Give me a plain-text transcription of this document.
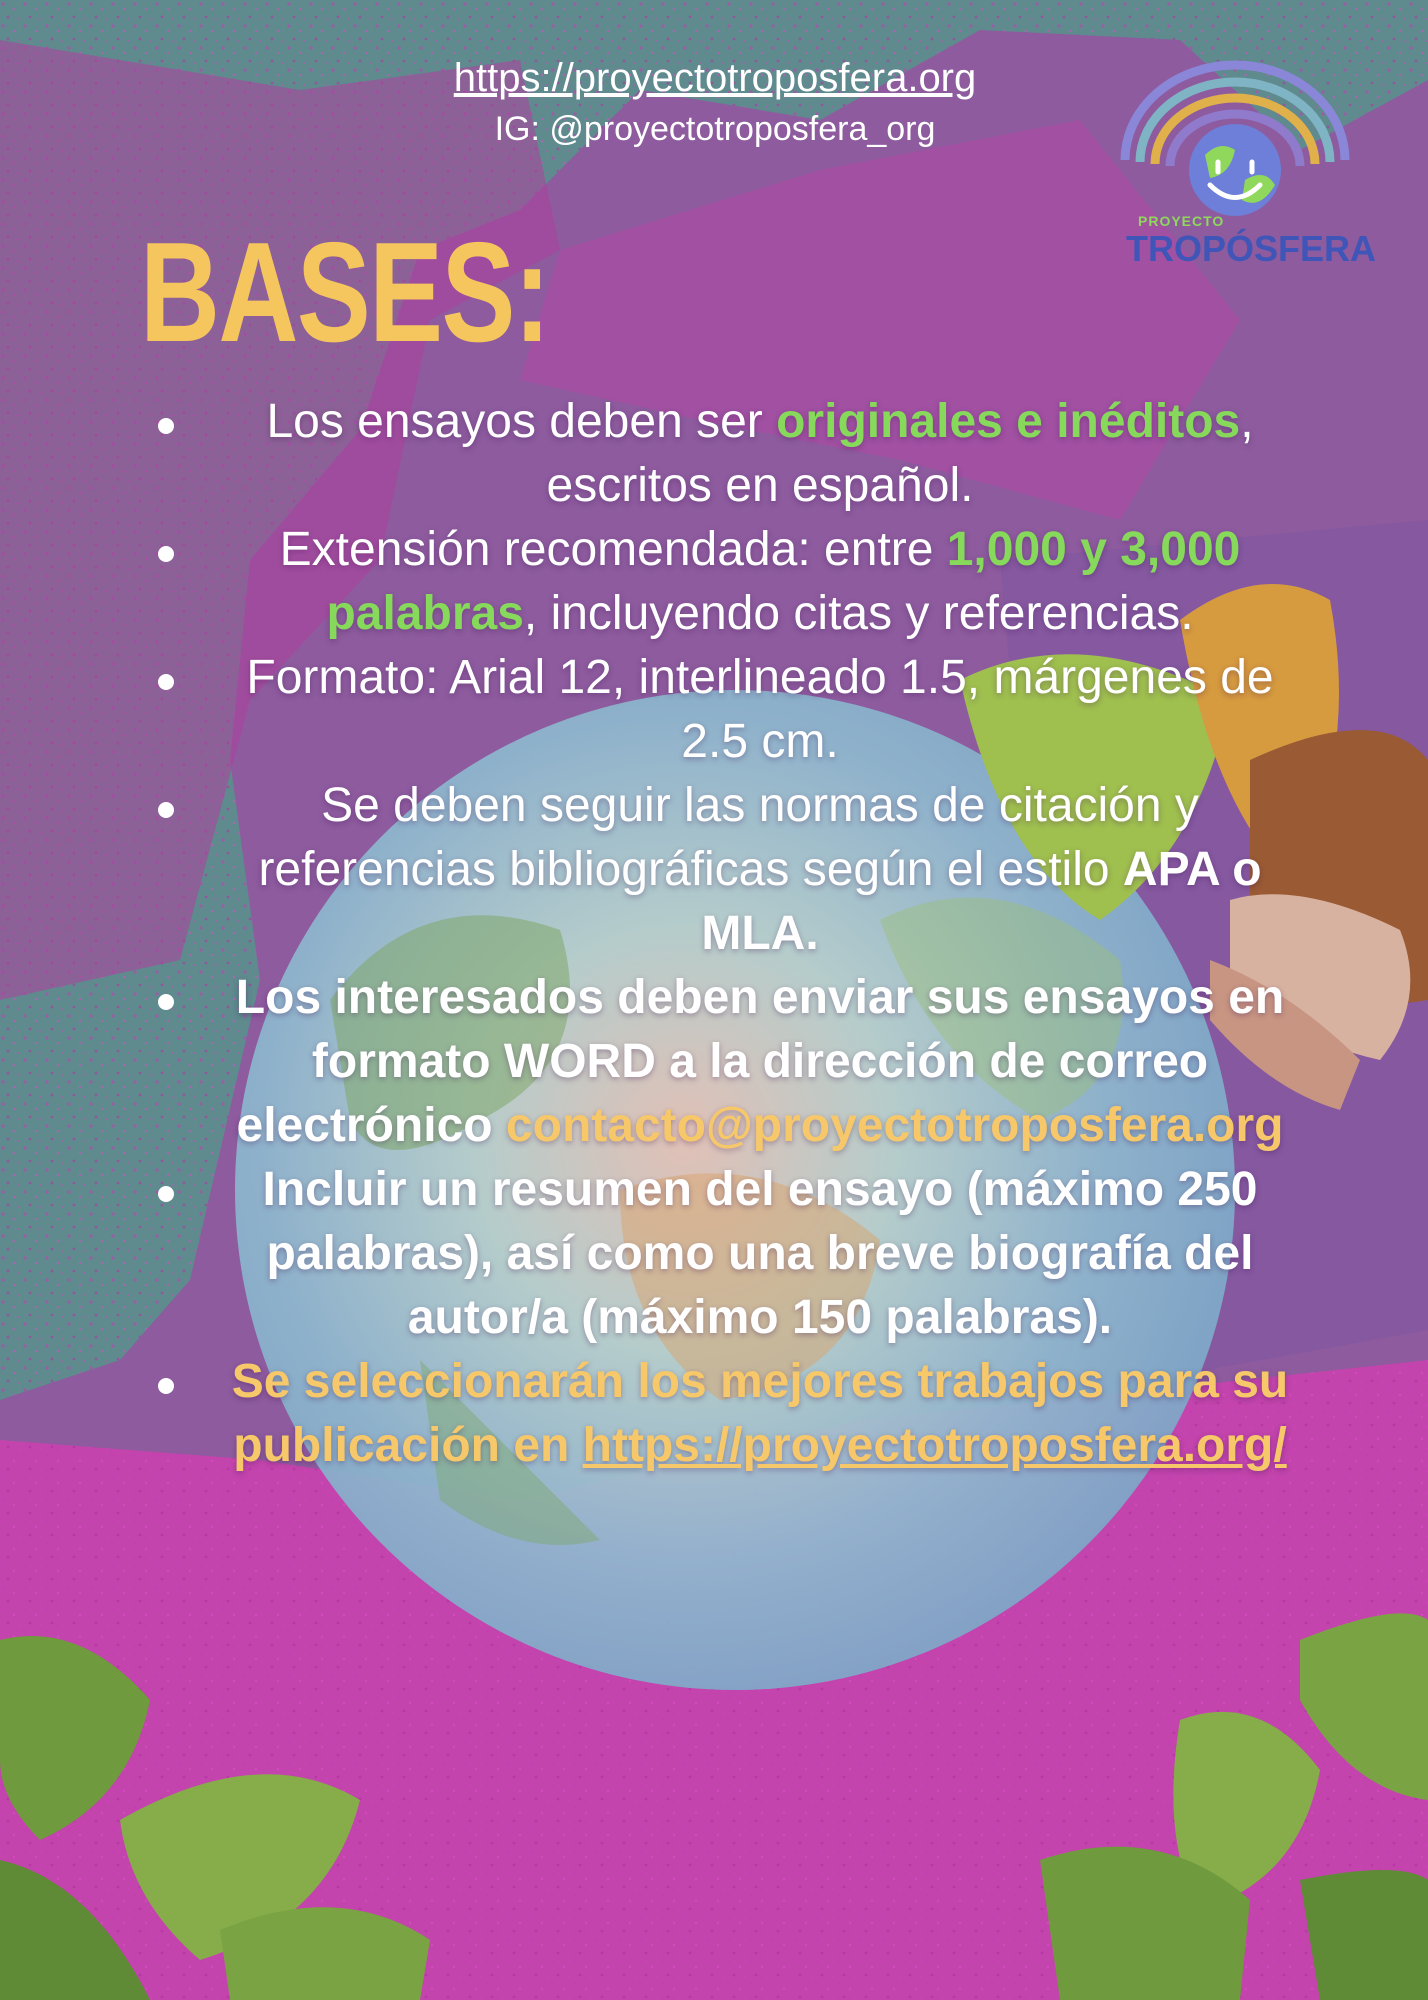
https://proyectotroposfera.org
IG: @proyectotroposfera_org
PROYECTO
TROPÓSFERA
BASES:
Los ensayos deben ser originales e inéditos, escritos en español.
Extensión recomendada: entre 1,000 y 3,000 palabras, incluyendo citas y referencias.
Formato: Arial 12, interlineado 1.5, márgenes de 2.5 cm.
Se deben seguir las normas de citación y referencias bibliográficas según el estilo APA o MLA.
Los interesados deben enviar sus ensayos en formato WORD a la dirección de correo electrónico contacto@proyectotroposfera.org
Incluir un resumen del ensayo (máximo 250 palabras), así como una breve biografía del autor/a (máximo 150 palabras).
Se seleccionarán los mejores trabajos para su publicación en https://proyectotroposfera.org/
